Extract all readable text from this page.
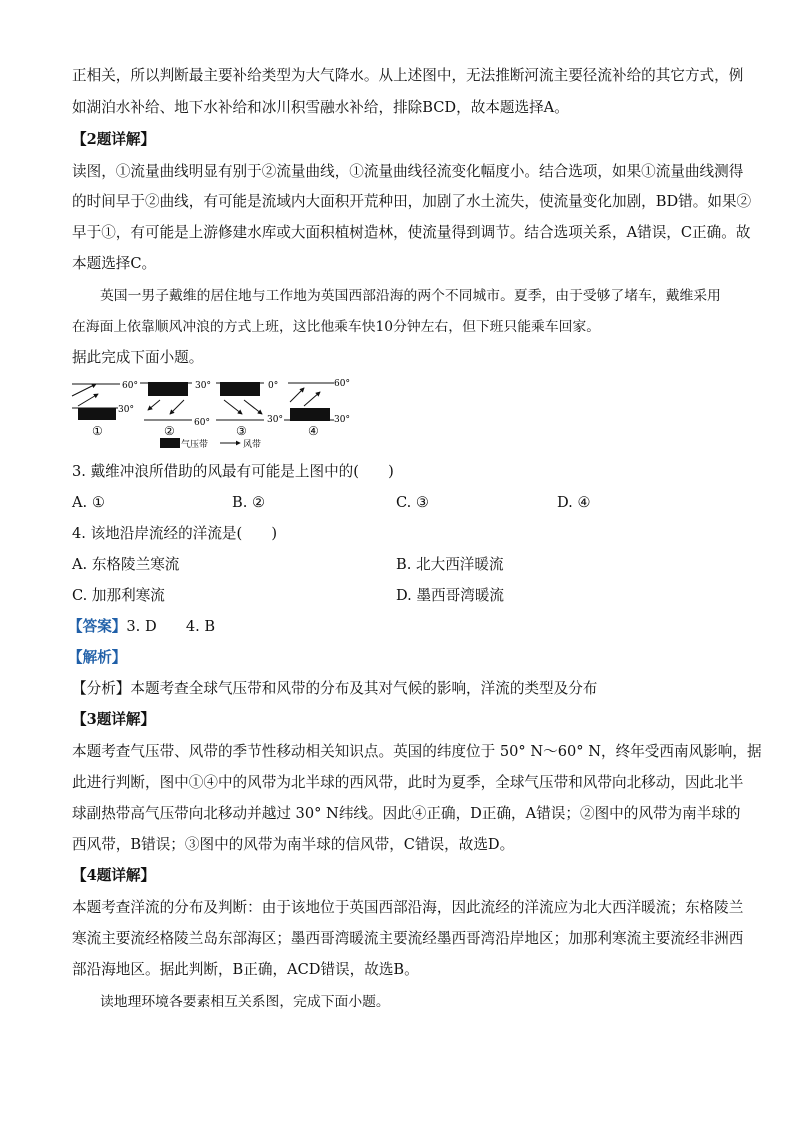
正相关，所以判断最主要补给类型为大气降水。从上述图中，无法推断河流主要径流补给的其它方式，例
如湖泊水补给、地下水补给和冰川积雪融水补给，排除BCD，故本题选择A。
【2题详解】
读图，①流量曲线明显有别于②流量曲线，①流量曲线径流变化幅度小。结合选项，如果①流量曲线测得
的时间早于②曲线，有可能是流域内大面积开荒种田，加剧了水土流失，使流量变化加剧，BD错。如果②
早于①，有可能是上游修建水库或大面积植树造林，使流量得到调节。结合选项关系，A错误，C正确。故
本题选择C。
英国一男子戴维的居住地与工作地为英国西部沿海的两个不同城市。夏季，由于受够了堵车，戴维采用
在海面上依靠顺风冲浪的方式上班，这比他乘车快10分钟左右，但下班只能乘车回家。
据此完成下面小题。
60°
30°
①
30°
60°
②
0°
30°
③
60°
30°
④
气压带	风带
3. 戴维冲浪所借助的风最有可能是上图中的(　　)
A. ①	B. ②	C. ③	D. ④
4. 该地沿岸流经的洋流是(　　)
A. 东格陵兰寒流	B. 北大西洋暖流
C. 加那利寒流	D. 墨西哥湾暖流
【答案】3. D　　4. B
【解析】
【分析】本题考查全球气压带和风带的分布及其对气候的影响，洋流的类型及分布
【3题详解】
本题考查气压带、风带的季节性移动相关知识点。英国的纬度位于 50° N～60° N，终年受西南风影响，据
此进行判断，图中①④中的风带为北半球的西风带，此时为夏季，全球气压带和风带向北移动，因此北半
球副热带高气压带向北移动并越过 30° N纬线。因此④正确，D正确，A错误；②图中的风带为南半球的
西风带，B错误；③图中的风带为南半球的信风带，C错误，故选D。
【4题详解】
本题考查洋流的分布及判断：由于该地位于英国西部沿海，因此流经的洋流应为北大西洋暖流；东格陵兰
寒流主要流经格陵兰岛东部海区；墨西哥湾暖流主要流经墨西哥湾沿岸地区；加那利寒流主要流经非洲西
部沿海地区。据此判断，B正确，ACD错误，故选B。
读地理环境各要素相互关系图，完成下面小题。
